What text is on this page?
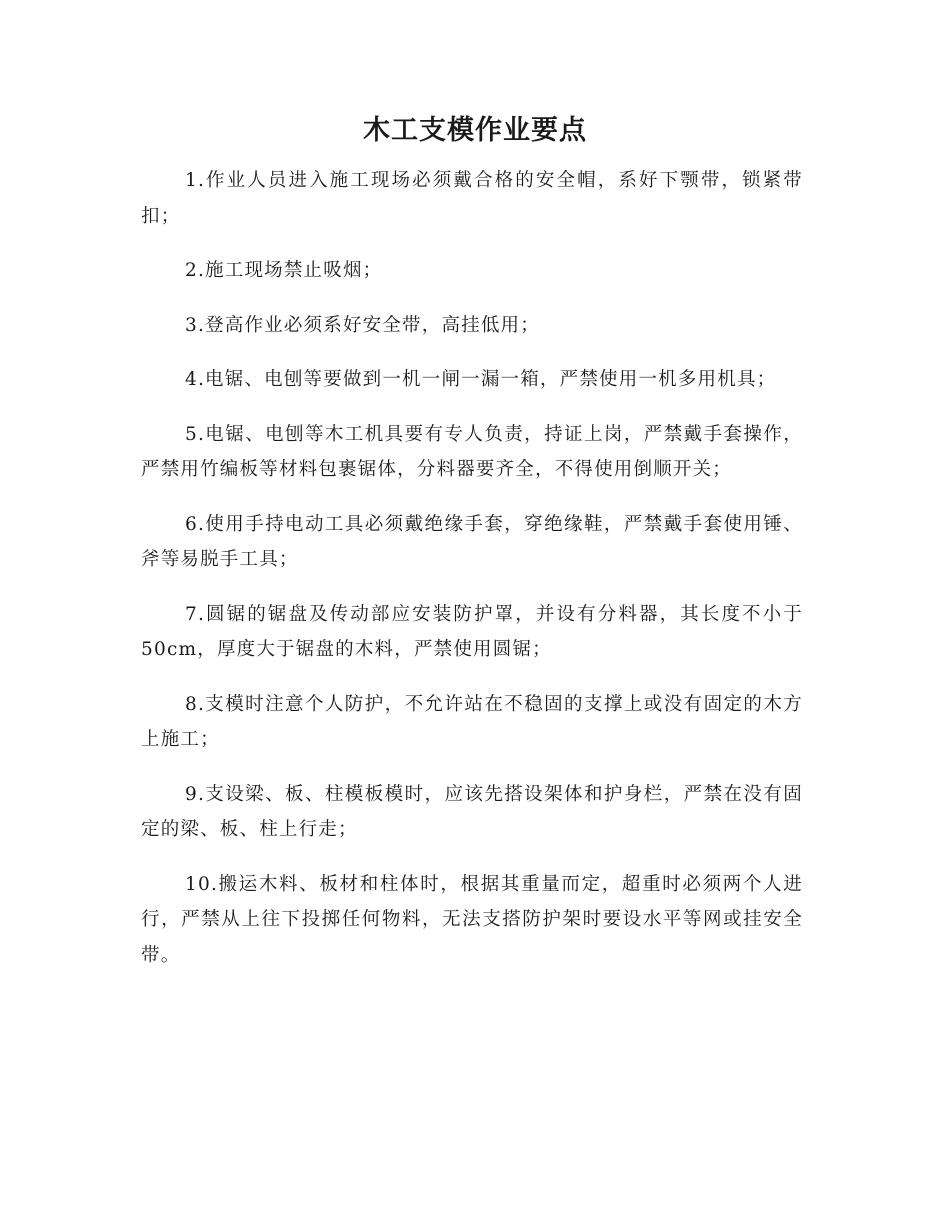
木工支模作业要点
1.作业人员进入施工现场必须戴合格的安全帽，系好下颚带，锁紧带扣；
2.施工现场禁止吸烟；
3.登高作业必须系好安全带，高挂低用；
4.电锯、电刨等要做到一机一闸一漏一箱，严禁使用一机多用机具；
5.电锯、电刨等木工机具要有专人负责，持证上岗，严禁戴手套操作，严禁用竹编板等材料包裹锯体，分料器要齐全，不得使用倒顺开关；
6.使用手持电动工具必须戴绝缘手套，穿绝缘鞋，严禁戴手套使用锤、斧等易脱手工具；
7.圆锯的锯盘及传动部应安装防护罩，并设有分料器，其长度不小于50cm，厚度大于锯盘的木料，严禁使用圆锯；
8.支模时注意个人防护，不允许站在不稳固的支撑上或没有固定的木方上施工；
9.支设梁、板、柱模板模时，应该先搭设架体和护身栏，严禁在没有固定的梁、板、柱上行走；
10.搬运木料、板材和柱体时，根据其重量而定，超重时必须两个人进行，严禁从上往下投掷任何物料，无法支搭防护架时要设水平等网或挂安全带。
